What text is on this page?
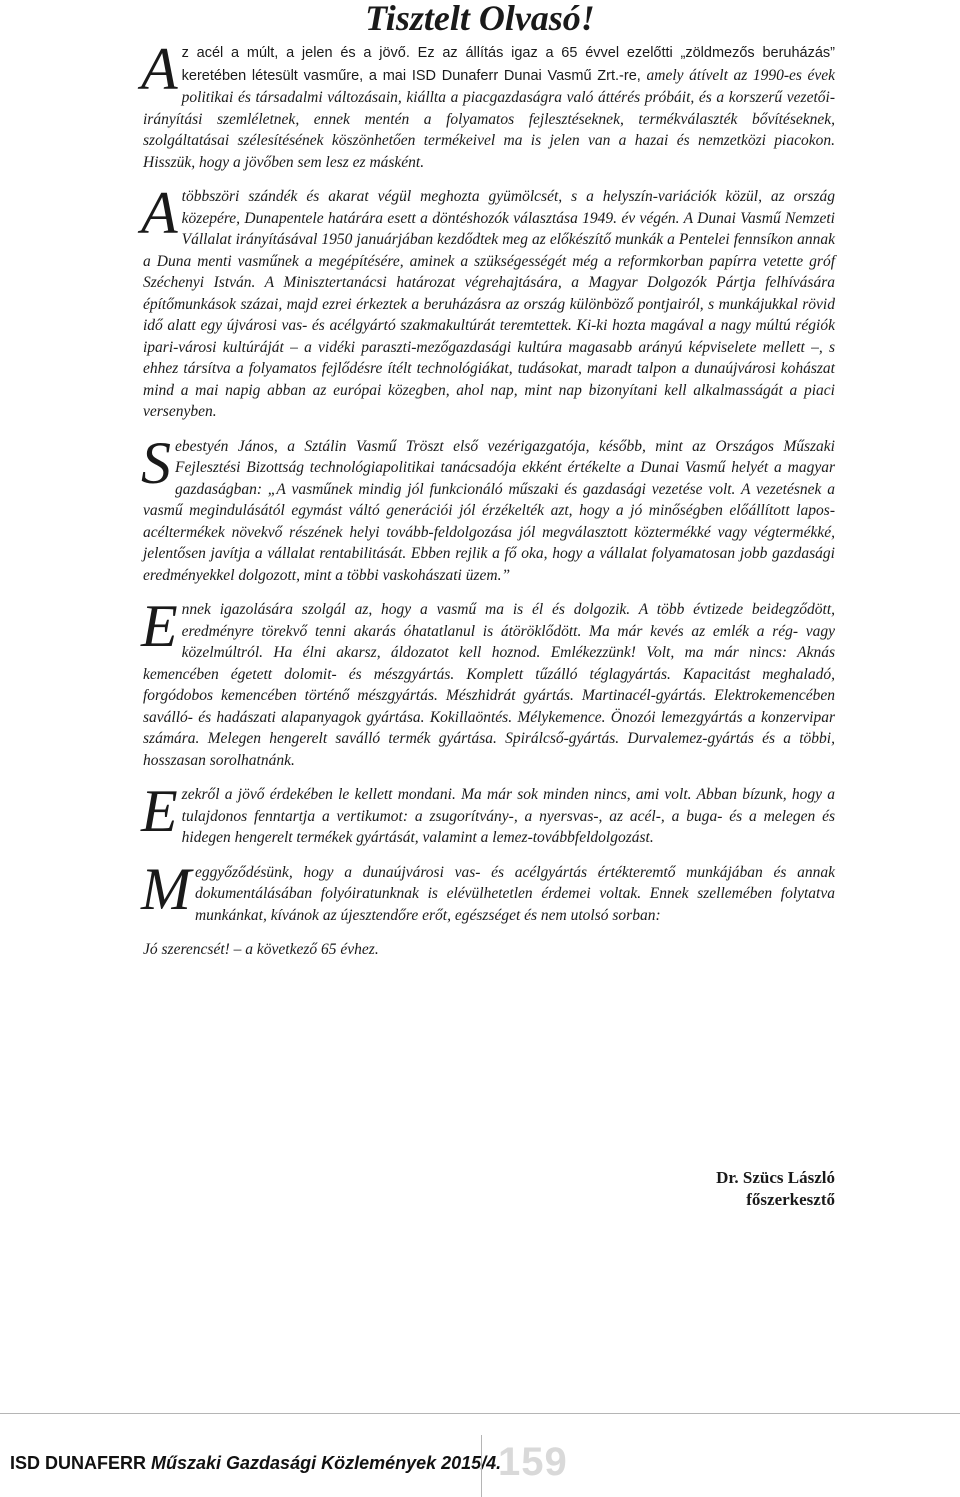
Tisztelt Olvasó!

Az acél a múlt, a jelen és a jövő. Ez az állítás igaz a 65 évvel ezelőtti „zöldmezős beruházás” keretében létesült vasműre, a mai ISD Dunaferr Dunai Vasmű Zrt.-re, amely átívelt az 1990-es évek politikai és társadalmi változásain, kiállta a piacgazdaságra való áttérés próbáit, és a korszerű vezetői-irányítási szemléletnek, ennek mentén a folyamatos fejlesztéseknek, termékválaszték bővítéseknek, szolgáltatásai szélesítésének köszönhetően termékeivel ma is jelen van a hazai és nemzetközi piacokon. Hisszük, hogy a jövőben sem lesz ez másként.

A többszöri szándék és akarat végül meghozta gyümölcsét, s a helyszín-variációk közül, az ország közepére, Dunapentele határára esett a döntéshozók választása 1949. év végén. A Dunai Vasmű Nemzeti Vállalat irányításával 1950 januárjában kezdődtek meg az előkészítő munkák a Pentelei fennsíkon annak a Duna menti vasműnek a megépítésére, aminek a szükségességét még a reformkorban papírra vetette gróf Széchenyi István. A Minisztertanácsi határozat végrehajtására, a Magyar Dolgozók Pártja felhívására építőmunkások százai, majd ezrei érkeztek a beruházásra az ország különböző pontjairól, s munkájukkal rövid idő alatt egy újvárosi vas- és acélgyártó szakmakultúrát teremtettek. Ki-ki hozta magával a nagy múltú régiók ipari-városi kultúráját – a vidéki paraszti-mezőgazdasági kultúra magasabb arányú képviselete mellett –, s ehhez társítva a folyamatos fejlődésre ítélt technológiákat, tudásokat, maradt talpon a dunaújvárosi kohászat mind a mai napig abban az európai közegben, ahol nap, mint nap bizonyítani kell alkalmasságát a piaci versenyben.

Sebestyén János, a Sztálin Vasmű Tröszt első vezérigazgatója, később, mint az Országos Műszaki Fejlesztési Bizottság technológiapolitikai tanácsadója ekként értékelte a Dunai Vasmű helyét a magyar gazdaságban: „A vasműnek mindig jól funkcionáló műszaki és gazdasági vezetése volt. A vezetésnek a vasmű megindulásától egymást váltó generációi jól érzékelték azt, hogy a jó minőségben előállított lapos-acéltermékek növekvő részének helyi tovább-feldolgozása jól megválasztott köztermékké vagy végtermékké, jelentősen javítja a vállalat rentabilitását. Ebben rejlik a fő oka, hogy a vállalat folyamatosan jobb gazdasági eredményekkel dolgozott, mint a többi vaskohászati üzem.”

Ennek igazolására szolgál az, hogy a vasmű ma is él és dolgozik. A több évtizede beidegződött, eredményre törekvő tenni akarás óhatatlanul is átöröklődött. Ma már kevés az emlék a rég- vagy közelmúltról. Ha élni akarsz, áldozatot kell hoznod. Emlékezzünk! Volt, ma már nincs: Aknás kemencében égetett dolomit- és mészgyártás. Komplett tűzálló téglagyártás. Kapacitást meghaladó, forgódobos kemencében történő mészgyártás. Mészhidrát gyártás. Martinacél-gyártás. Elektrokemencében saválló- és hadászati alapanyagok gyártása. Kokillaöntés. Mélykemence. Önozói lemezgyártás a konzervipar számára. Melegen hengerelt saválló termék gyártása. Spirálcső-gyártás. Durvalemez-gyártás és a többi, hosszasan sorolhatnánk.

Ezekről a jövő érdekében le kellett mondani. Ma már sok minden nincs, ami volt. Abban bízunk, hogy a tulajdonos fenntartja a vertikumot: a zsugorítvány-, a nyersvas-, az acél-, a buga- és a melegen és hidegen hengerelt termékek gyártását, valamint a lemez-továbbfeldolgozást.

Meggyőződésünk, hogy a dunaújvárosi vas- és acélgyártás értékteremtő munkájában és annak dokumentálásában folyóiratunknak is elévülhetetlen érdemei voltak. Ennek szellemében folytatva munkánkat, kívánok az újesztendőre erőt, egészséget és nem utolsó sorban:

Jó szerencsét! – a következő 65 évhez.
Dr. Szücs László
főszerkesztő
ISD DUNAFERR Műszaki Gazdasági Közlemények 2015/4.
159
